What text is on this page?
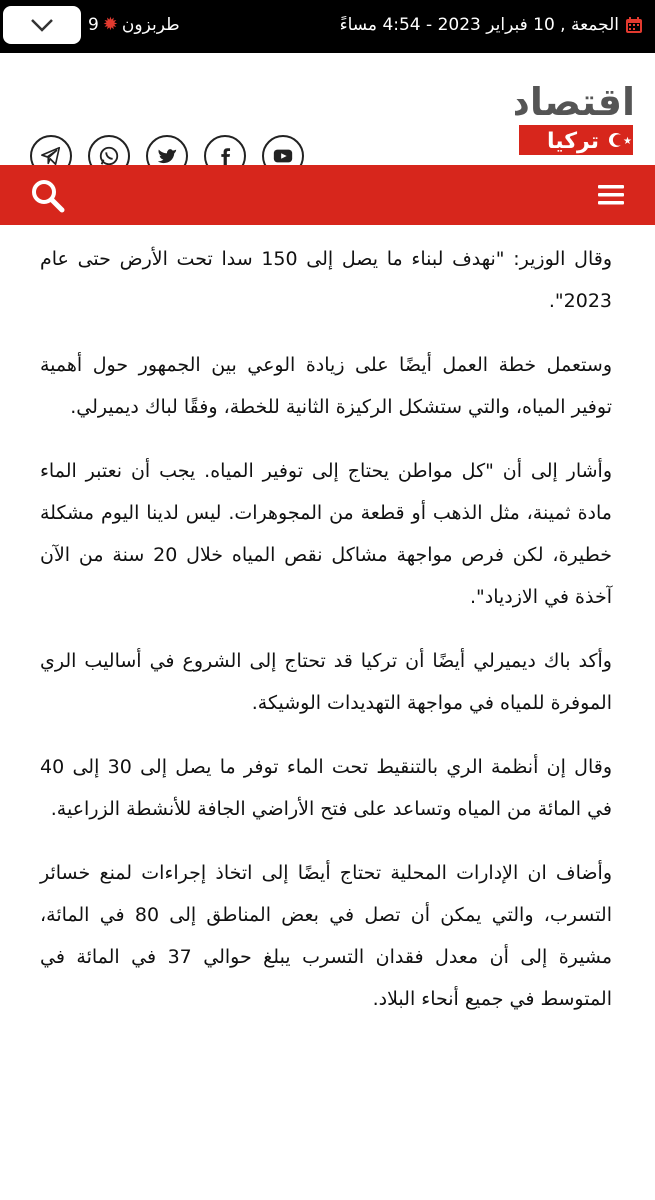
الجمعة , 10 فبراير 2023 - 4:54 مساءً
طربزون
✹
9
اقتصاد
تركيا ★

وقال الوزير: "نهدف لبناء ما يصل إلى 150 سدا تحت الأرض حتى عام 2023".

وستعمل خطة العمل أيضًا على زيادة الوعي بين الجمهور حول أهمية توفير المياه، والتي ستشكل الركيزة الثانية للخطة، وفقًا لباك ديميرلي.

وأشار إلى أن "كل مواطن يحتاج إلى توفير المياه. يجب أن نعتبر الماء مادة ثمينة، مثل الذهب أو قطعة من المجوهرات. ليس لدينا اليوم مشكلة خطيرة، لكن فرص مواجهة مشاكل نقص المياه خلال 20 سنة من الآن آخذة في الازدياد".

وأكد باك ديميرلي أيضًا أن تركيا قد تحتاج إلى الشروع في أساليب الري الموفرة للمياه في مواجهة التهديدات الوشيكة.

وقال إن أنظمة الري بالتنقيط تحت الماء توفر ما يصل إلى 30 إلى 40 في المائة من المياه وتساعد على فتح الأراضي الجافة للأنشطة الزراعية.

وأضاف ان الإدارات المحلية تحتاج أيضًا إلى اتخاذ إجراءات لمنع خسائر التسرب، والتي يمكن أن تصل في بعض المناطق إلى 80 في المائة، مشيرة إلى أن معدل فقدان التسرب يبلغ حوالي 37 في المائة في المتوسط في جميع أنحاء البلاد.
